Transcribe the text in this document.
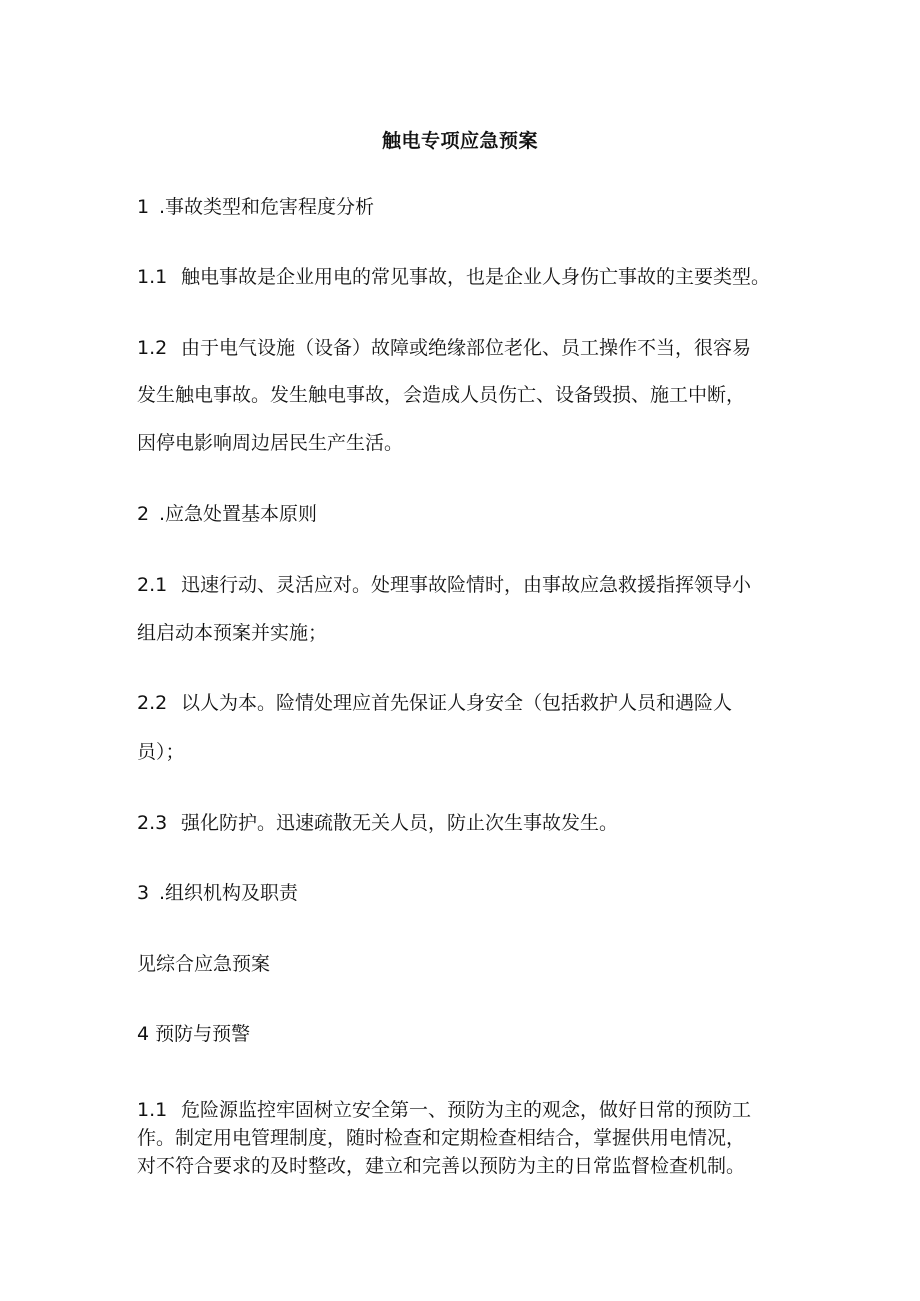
触电专项应急预案
1 .事故类型和危害程度分析
1.1 触电事故是企业用电的常见事故，也是企业人身伤亡事故的主要类型。
1.2 由于电气设施（设备）故障或绝缘部位老化、员工操作不当，很容易
发生触电事故。发生触电事故，会造成人员伤亡、设备毁损、施工中断，
因停电影响周边居民生产生活。
2 .应急处置基本原则
2.1 迅速行动、灵活应对。处理事故险情时，由事故应急救援指挥领导小
组启动本预案并实施；
2.2 以人为本。险情处理应首先保证人身安全（包括救护人员和遇险人
员）；
2.3 强化防护。迅速疏散无关人员，防止次生事故发生。
3 .组织机构及职责
见综合应急预案
4 预防与预警
1.1 危险源监控牢固树立安全第一、预防为主的观念，做好日常的预防工
作。制定用电管理制度，随时检查和定期检查相结合，掌握供用电情况，
对不符合要求的及时整改，建立和完善以预防为主的日常监督检查机制。
